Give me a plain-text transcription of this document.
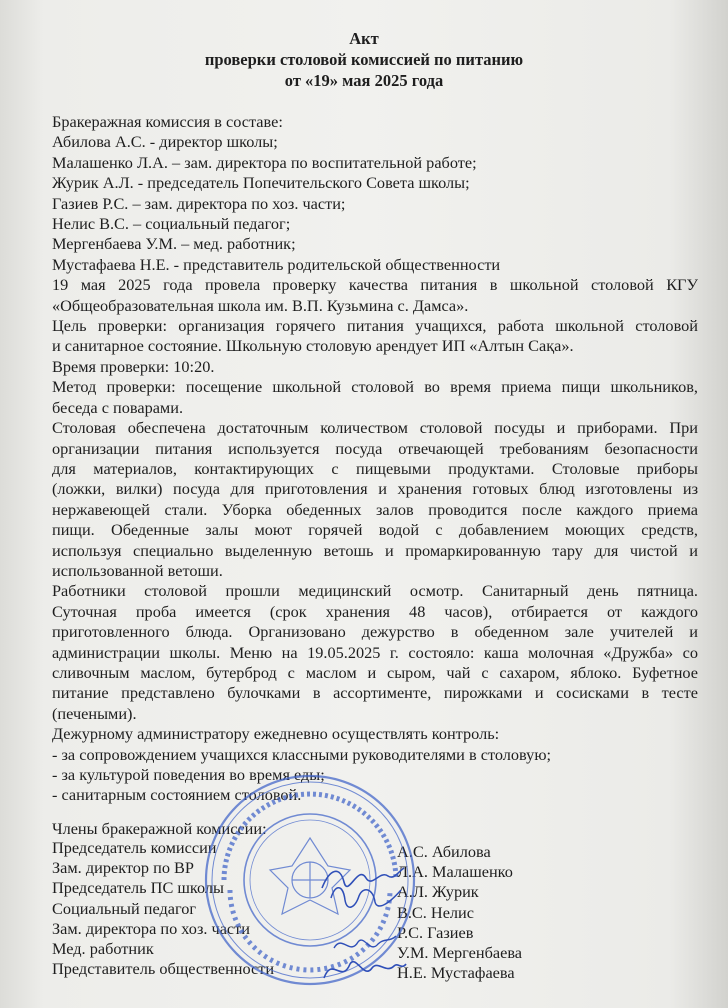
Акт
проверки столовой комиссией по питанию
от «19» мая 2025 года
Бракеражная комиссия в составе:
Абилова А.С. - директор школы;
Малашенко Л.А. – зам. директора по воспитательной работе;
Журик А.Л. - председатель Попечительского Совета школы;
Газиев Р.С. – зам. директора по хоз. части;
Нелис В.С. – социальный педагог;
Мергенбаева У.М. – мед. работник;
Мустафаева Н.Е. - представитель родительской общественности
19 мая 2025 года провела проверку качества питания в школьной столовой КГУ
«Общеобразовательная школа им. В.П. Кузьмина с. Дамса».
Цель проверки: организация горячего питания учащихся, работа школьной столовой
и санитарное состояние. Школьную столовую арендует ИП «Алтын Сақа».
Время проверки: 10:20.
Метод проверки: посещение школьной столовой во время приема пищи школьников,
беседа с поварами.
Столовая обеспечена достаточным количеством столовой посуды и приборами. При
организации питания используется посуда отвечающей требованиям безопасности
для материалов, контактирующих с пищевыми продуктами. Столовые приборы
(ложки, вилки) посуда для приготовления и хранения готовых блюд изготовлены из
нержавеющей стали. Уборка обеденных залов проводится после каждого приема
пищи. Обеденные залы моют горячей водой с добавлением моющих средств,
используя специально выделенную ветошь и промаркированную тару для чистой и
использованной ветоши.
Работники столовой прошли медицинский осмотр. Санитарный день пятница.
Суточная проба имеется (срок хранения 48 часов), отбирается от каждого
приготовленного блюда. Организовано дежурство в обеденном зале учителей и
администрации школы. Меню на 19.05.2025 г. состояло: каша молочная «Дружба» со
сливочным маслом, бутерброд с маслом и сыром, чай с сахаром, яблоко. Буфетное
питание представлено булочками в ассортименте, пирожками и сосисками в тесте
(печеными).
Дежурному администратору ежедневно осуществлять контроль:
- за сопровождением учащихся классными руководителями в столовую;
- за культурой поведения во время еды;
- санитарным состоянием столовой.
Члены бракеражной комиссии:
Председатель комиссии
Зам. директор по ВР
Председатель ПС школы
Социальный педагог
Зам. директора по хоз. части
Мед. работник
Представитель общественности
А.С. Абилова
Л.А. Малашенко
А.Л. Журик
В.С. Нелис
Р.С. Газиев
У.М. Мергенбаева
Н.Е. Мустафаева
